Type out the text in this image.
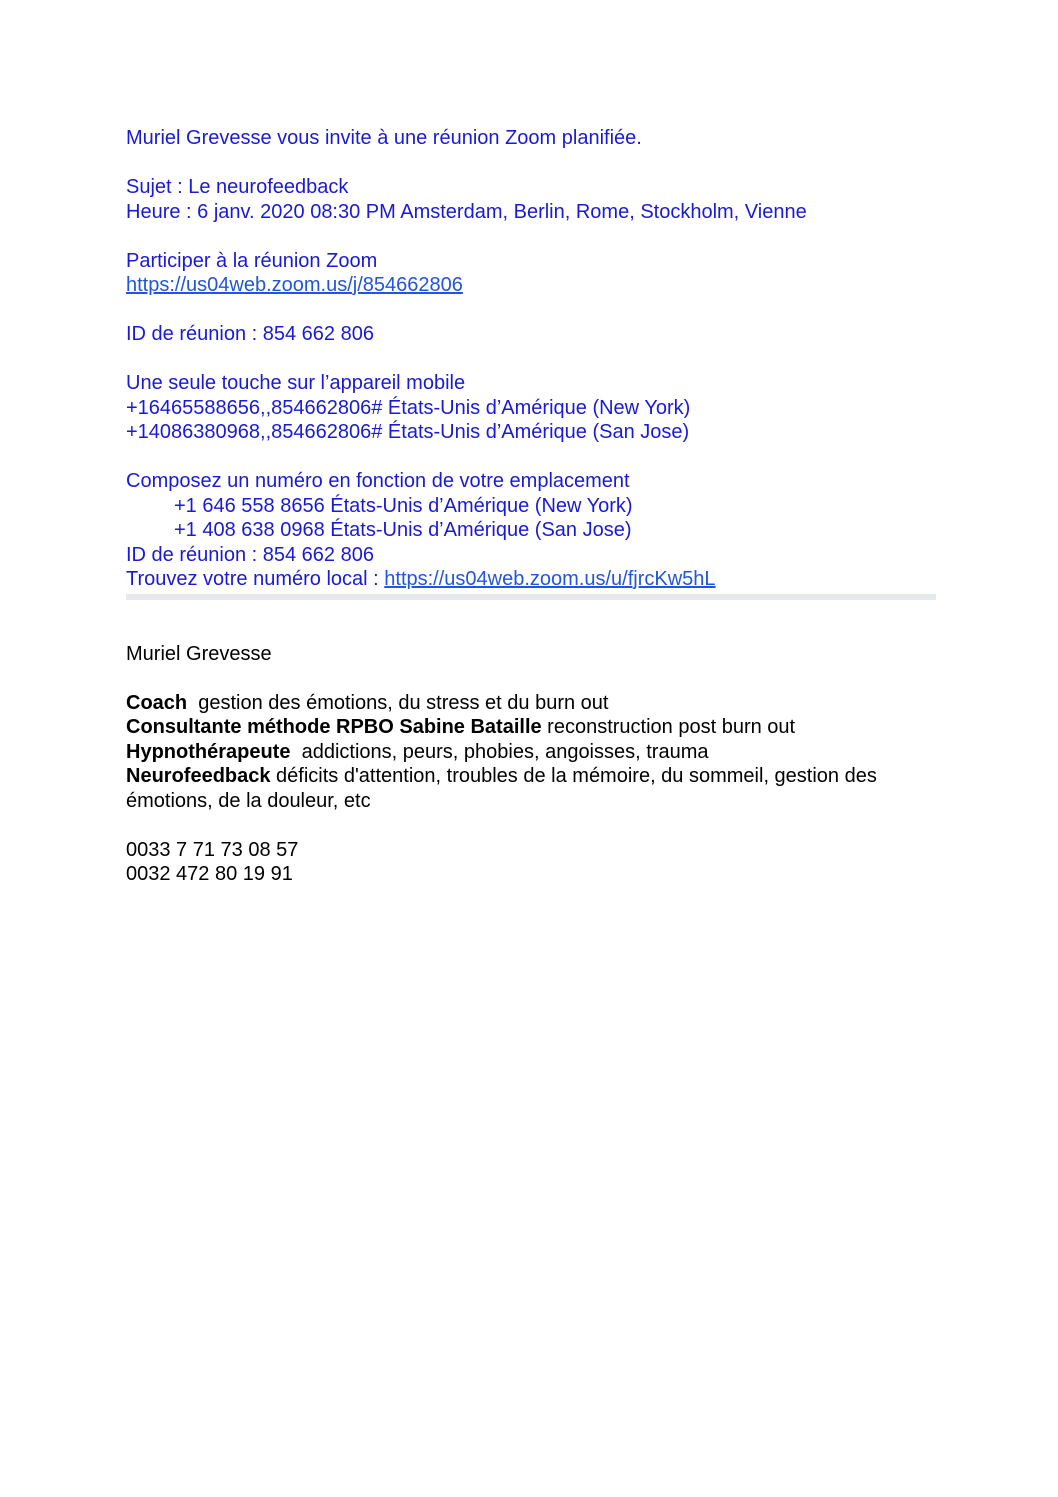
Muriel Grevesse vous invite à une réunion Zoom planifiée.
Sujet : Le neurofeedback
Heure : 6 janv. 2020 08:30 PM Amsterdam, Berlin, Rome, Stockholm, Vienne
Participer à la réunion Zoom
https://us04web.zoom.us/j/854662806
ID de réunion : 854 662 806
Une seule touche sur l’appareil mobile
+16465588656,,854662806# États-Unis d’Amérique (New York)
+14086380968,,854662806# États-Unis d’Amérique (San Jose)
Composez un numéro en fonction de votre emplacement
+1 646 558 8656 États-Unis d’Amérique (New York)
+1 408 638 0968 États-Unis d’Amérique (San Jose)
ID de réunion : 854 662 806
Trouvez votre numéro local : https://us04web.zoom.us/u/fjrcKw5hL
Muriel Grevesse
Coach  gestion des émotions, du stress et du burn out
Consultante méthode RPBO Sabine Bataille reconstruction post burn out
Hypnothérapeute  addictions, peurs, phobies, angoisses, trauma
Neurofeedback déficits d'attention, troubles de la mémoire, du sommeil, gestion des émotions, de la douleur, etc
0033 7 71 73 08 57
0032 472 80 19 91
